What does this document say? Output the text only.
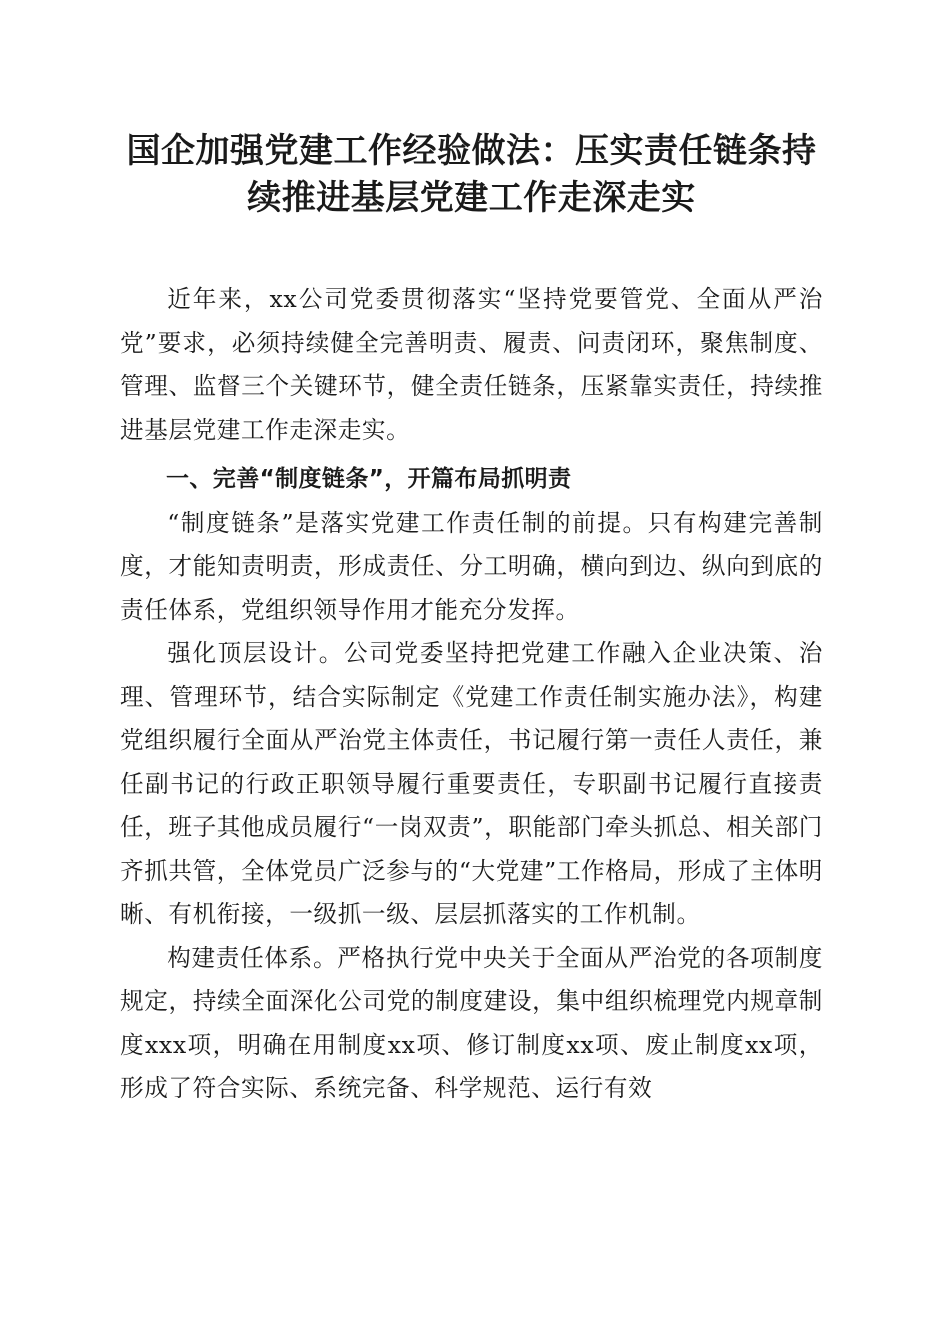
国企加强党建工作经验做法：压实责任链条持
续推进基层党建工作走深走实

近年来，xx公司党委贯彻落实“坚持党要管党、全面从严治党”要求，必须持续健全完善明责、履责、问责闭环，聚焦制度、管理、监督三个关键环节，健全责任链条，压紧靠实责任，持续推进基层党建工作走深走实。

一、完善“制度链条”，开篇布局抓明责

“制度链条”是落实党建工作责任制的前提。只有构建完善制度，才能知责明责，形成责任、分工明确，横向到边、纵向到底的责任体系，党组织领导作用才能充分发挥。

强化顶层设计。公司党委坚持把党建工作融入企业决策、治理、管理环节，结合实际制定《党建工作责任制实施办法》，构建党组织履行全面从严治党主体责任，书记履行第一责任人责任，兼任副书记的行政正职领导履行重要责任，专职副书记履行直接责任，班子其他成员履行“一岗双责”，职能部门牵头抓总、相关部门齐抓共管，全体党员广泛参与的“大党建”工作格局，形成了主体明晰、有机衔接，一级抓一级、层层抓落实的工作机制。

构建责任体系。严格执行党中央关于全面从严治党的各项制度规定，持续全面深化公司党的制度建设，集中组织梳理党内规章制度xxx项，明确在用制度xx项、修订制度xx项、废止制度xx项，形成了符合实际、系统完备、科学规范、运行有效
